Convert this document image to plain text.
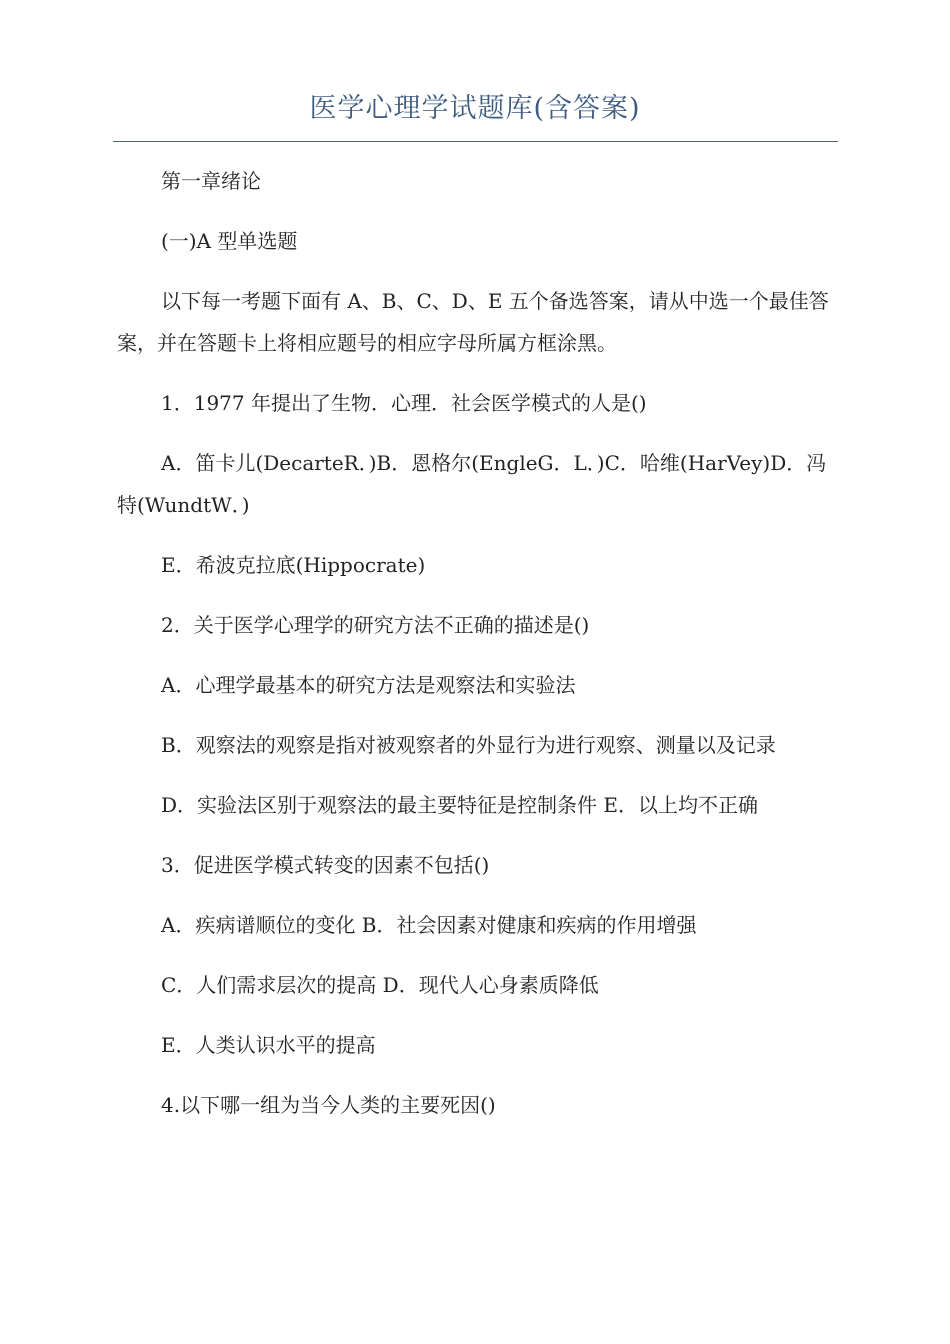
医学心理学试题库(含答案)

第一章绪论

(一)A 型单选题

以下每一考题下面有 A、B、C、D、E 五个备选答案，请从中选一个最佳答案，并在答题卡上将相应题号的相应字母所属方框涂黑。

1．1977 年提出了生物．心理．社会医学模式的人是()

A．笛卡儿(DecarteR．)B．恩格尔(EngleG．L．)C．哈维(HarVey)D．冯特(WundtW．)

E．希波克拉底(Hippocrate)

2．关于医学心理学的研究方法不正确的描述是()

A．心理学最基本的研究方法是观察法和实验法

B．观察法的观察是指对被观察者的外显行为进行观察、测量以及记录

D．实验法区别于观察法的最主要特征是控制条件 E．以上均不正确

3．促进医学模式转变的因素不包括()

A．疾病谱顺位的变化 B．社会因素对健康和疾病的作用增强

C．人们需求层次的提高 D．现代人心身素质降低

E．人类认识水平的提高

4.以下哪一组为当今人类的主要死因()
